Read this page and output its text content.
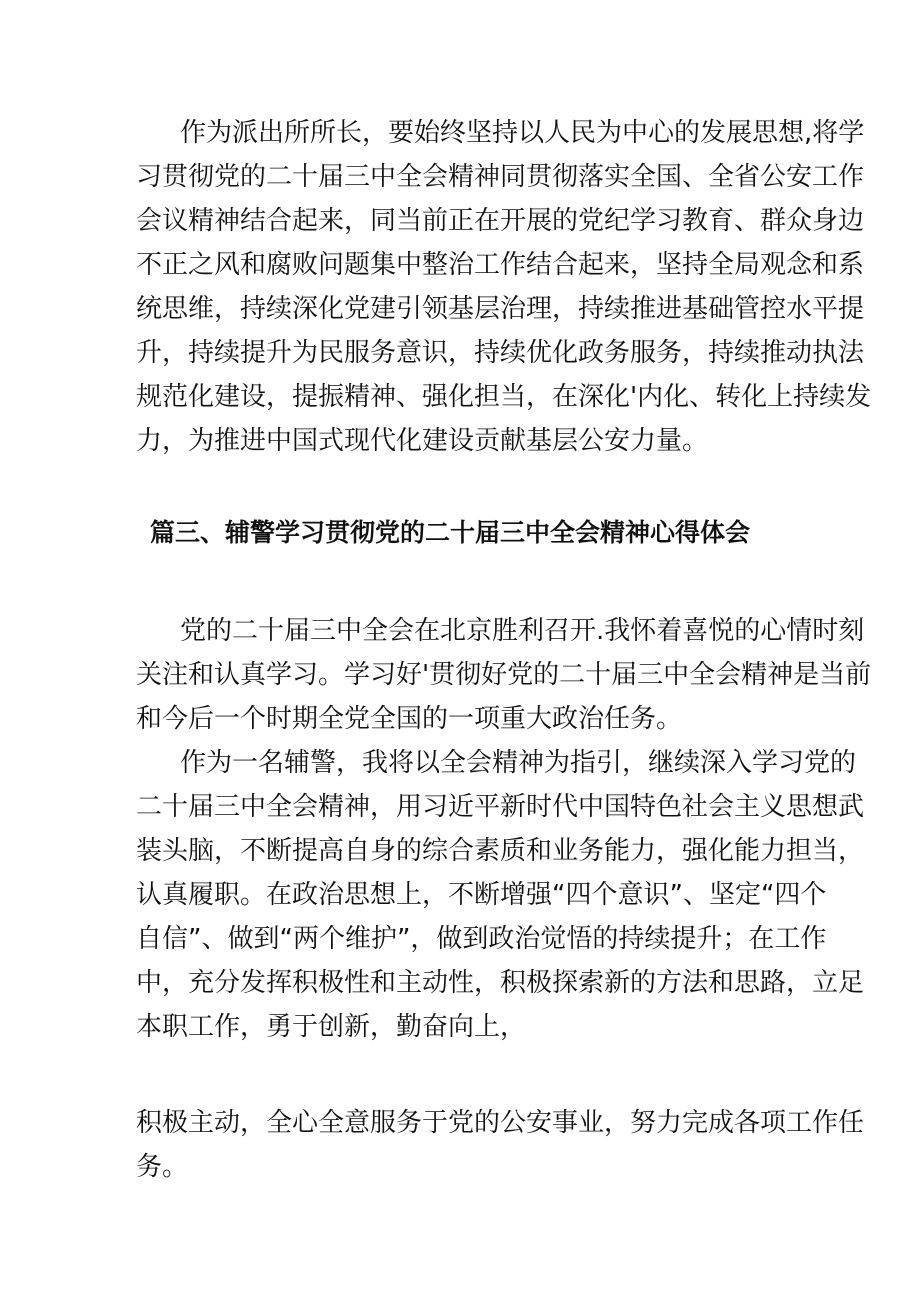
作为派出所所长，要始终坚持以人民为中心的发展思想,将学
习贯彻党的二十届三中全会精神同贯彻落实全国、全省公安工作
会议精神结合起来，同当前正在开展的党纪学习教育、群众身边
不正之风和腐败问题集中整治工作结合起来，坚持全局观念和系
统思维，持续深化党建引领基层治理，持续推进基础管控水平提
升，持续提升为民服务意识，持续优化政务服务，持续推动执法
规范化建设，提振精神、强化担当，在深化'内化、转化上持续发
力，为推进中国式现代化建设贡献基层公安力量。
篇三、辅警学习贯彻党的二十届三中全会精神心得体会
党的二十届三中全会在北京胜利召开.我怀着喜悦的心情时刻
关注和认真学习。学习好'贯彻好党的二十届三中全会精神是当前
和今后一个时期全党全国的一项重大政治任务。
作为一名辅警，我将以全会精神为指引，继续深入学习党的
二十届三中全会精神，用习近平新时代中国特色社会主义思想武
装头脑，不断提高自身的综合素质和业务能力，强化能力担当，
认真履职。在政治思想上，不断增强“四个意识”、坚定“四个
自信”、做到“两个维护”，做到政治觉悟的持续提升；在工作
中，充分发挥积极性和主动性，积极探索新的方法和思路，立足
本职工作，勇于创新，勤奋向上，
积极主动，全心全意服务于党的公安事业，努力完成各项工作任
务。
